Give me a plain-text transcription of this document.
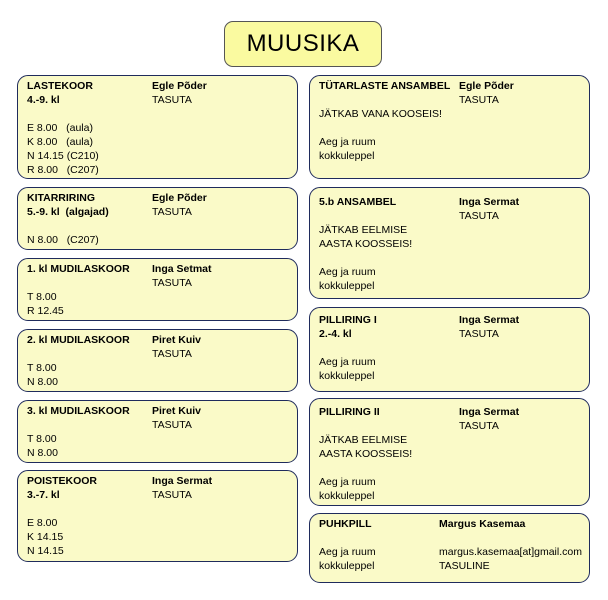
MUUSIKA
LASTEKOOR
4.-9. kl
Egle Põder
TASUTA
E 8.00   (aula)
K 8.00   (aula)
N 14.15 (C210)
R 8.00   (C207)
KITARRIRING
5.-9. kl  (algajad)
Egle Põder
TASUTA
N 8.00   (C207)
1. kl MUDILASKOOR Inga Setmat
TASUTA
T 8.00
R 12.45
2. kl MUDILASKOOR Piret Kuiv
TASUTA
T 8.00
N 8.00
3. kl MUDILASKOOR Piret Kuiv
TASUTA
T 8.00
N 8.00
POISTEKOOR
3.-7. kl
Inga Sermat
TASUTA
E 8.00
K 14.15
N 14.15
TÜTARLASTE ANSAMBEL Egle Põder
TASUTA
JÄTKAB VANA KOOSEIS!
Aeg ja ruum
kokkuleppel
5.b ANSAMBEL	Inga Sermat
TASUTA
JÄTKAB EELMISE
AASTA KOOSSEIS!
Aeg ja ruum
kokkuleppel
PILLIRING I
2.-4. kl
Inga Sermat
TASUTA
Aeg ja ruum
kokkuleppel
PILLIRING II	Inga Sermat
TASUTA
JÄTKAB EELMISE
AASTA KOOSSEIS!
Aeg ja ruum
kokkuleppel
PUHKPILL	Margus Kasemaa
Aeg ja ruum
kokkuleppel
margus.kasemaa[at]gmail.com
TASULINE
